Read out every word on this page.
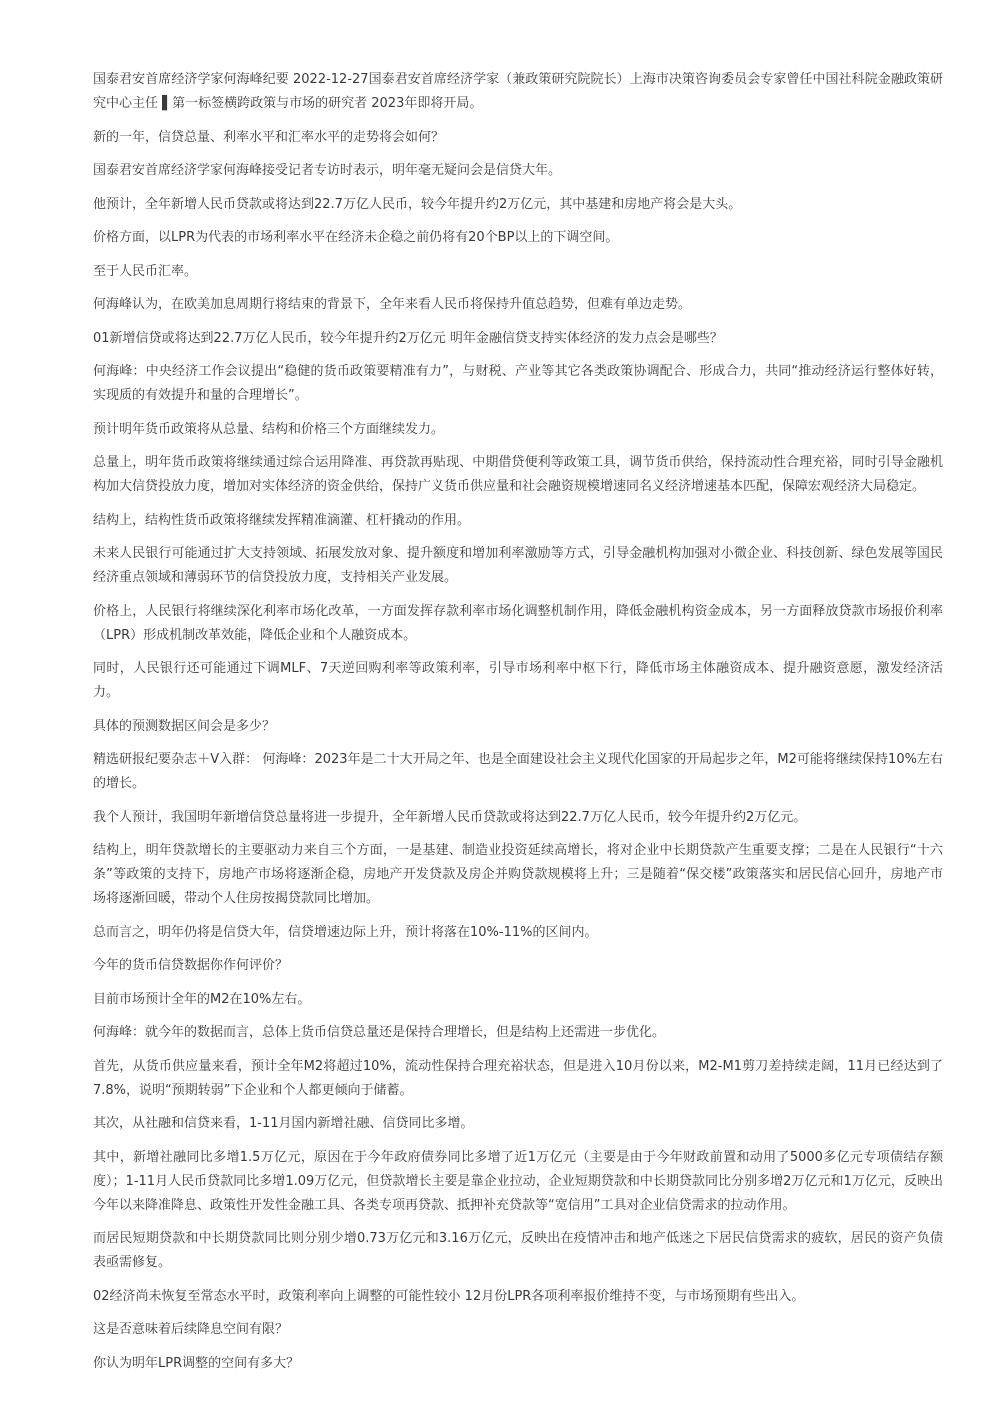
国泰君安首席经济学家何海峰纪要 2022-12-27国泰君安首席经济学家（兼政策研究院院长）上海市决策咨询委员会专家曾任中国社科院金融政策研究中心主任 ▌第一标签横跨政策与市场的研究者 2023年即将开局。

新的一年，信贷总量、利率水平和汇率水平的走势将会如何？

国泰君安首席经济学家何海峰接受记者专访时表示，明年毫无疑问会是信贷大年。

他预计，全年新增人民币贷款或将达到22.7万亿人民币，较今年提升约2万亿元，其中基建和房地产将会是大头。

价格方面，以LPR为代表的市场利率水平在经济未企稳之前仍将有20个BP以上的下调空间。

至于人民币汇率。

何海峰认为，在欧美加息周期行将结束的背景下，全年来看人民币将保持升值总趋势，但难有单边走势。

01新增信贷或将达到22.7万亿人民币，较今年提升约2万亿元 明年金融信贷支持实体经济的发力点会是哪些？

何海峰：中央经济工作会议提出“稳健的货币政策要精准有力”，与财税、产业等其它各类政策协调配合、形成合力，共同“推动经济运行整体好转，实现质的有效提升和量的合理增长”。

预计明年货币政策将从总量、结构和价格三个方面继续发力。

总量上，明年货币政策将继续通过综合运用降准、再贷款再贴现、中期借贷便利等政策工具，调节货币供给，保持流动性合理充裕，同时引导金融机构加大信贷投放力度，增加对实体经济的资金供给，保持广义货币供应量和社会融资规模增速同名义经济增速基本匹配，保障宏观经济大局稳定。

结构上，结构性货币政策将继续发挥精准滴灌、杠杆撬动的作用。

未来人民银行可能通过扩大支持领域、拓展发放对象、提升额度和增加利率激励等方式，引导金融机构加强对小微企业、科技创新、绿色发展等国民经济重点领域和薄弱环节的信贷投放力度，支持相关产业发展。

价格上，人民银行将继续深化利率市场化改革，一方面发挥存款利率市场化调整机制作用，降低金融机构资金成本，另一方面释放贷款市场报价利率（LPR）形成机制改革效能，降低企业和个人融资成本。

同时，人民银行还可能通过下调MLF、7天逆回购利率等政策利率，引导市场利率中枢下行，降低市场主体融资成本、提升融资意愿，激发经济活力。

具体的预测数据区间会是多少？

精选研报纪要杂志＋V入群： 何海峰：2023年是二十大开局之年、也是全面建设社会主义现代化国家的开局起步之年，M2可能将继续保持10%左右的增长。

我个人预计，我国明年新增信贷总量将进一步提升，全年新增人民币贷款或将达到22.7万亿人民币，较今年提升约2万亿元。

结构上，明年贷款增长的主要驱动力来自三个方面，一是基建、制造业投资延续高增长，将对企业中长期贷款产生重要支撑；二是在人民银行“十六条”等政策的支持下，房地产市场将逐渐企稳，房地产开发贷款及房企并购贷款规模将上升；三是随着“保交楼”政策落实和居民信心回升，房地产市场将逐渐回暖，带动个人住房按揭贷款同比增加。

总而言之，明年仍将是信贷大年，信贷增速边际上升，预计将落在10%-11%的区间内。

今年的货币信贷数据你作何评价？

目前市场预计全年的M2在10%左右。

何海峰：就今年的数据而言，总体上货币信贷总量还是保持合理增长，但是结构上还需进一步优化。

首先，从货币供应量来看，预计全年M2将超过10%，流动性保持合理充裕状态，但是进入10月份以来，M2-M1剪刀差持续走阔，11月已经达到了7.8%，说明“预期转弱”下企业和个人都更倾向于储蓄。

其次，从社融和信贷来看，1-11月国内新增社融、信贷同比多增。

其中，新增社融同比多增1.5万亿元，原因在于今年政府债券同比多增了近1万亿元（主要是由于今年财政前置和动用了5000多亿元专项债结存额度）；1-11月人民币贷款同比多增1.09万亿元，但贷款增长主要是靠企业拉动，企业短期贷款和中长期贷款同比分别多增2万亿元和1万亿元，反映出今年以来降准降息、政策性开发性金融工具、各类专项再贷款、抵押补充贷款等“宽信用”工具对企业信贷需求的拉动作用。

而居民短期贷款和中长期贷款同比则分别少增0.73万亿元和3.16万亿元，反映出在疫情冲击和地产低迷之下居民信贷需求的疲软，居民的资产负债表亟需修复。

02经济尚未恢复至常态水平时，政策利率向上调整的可能性较小 12月份LPR各项利率报价维持不变，与市场预期有些出入。

这是否意味着后续降息空间有限？

你认为明年LPR调整的空间有多大？
